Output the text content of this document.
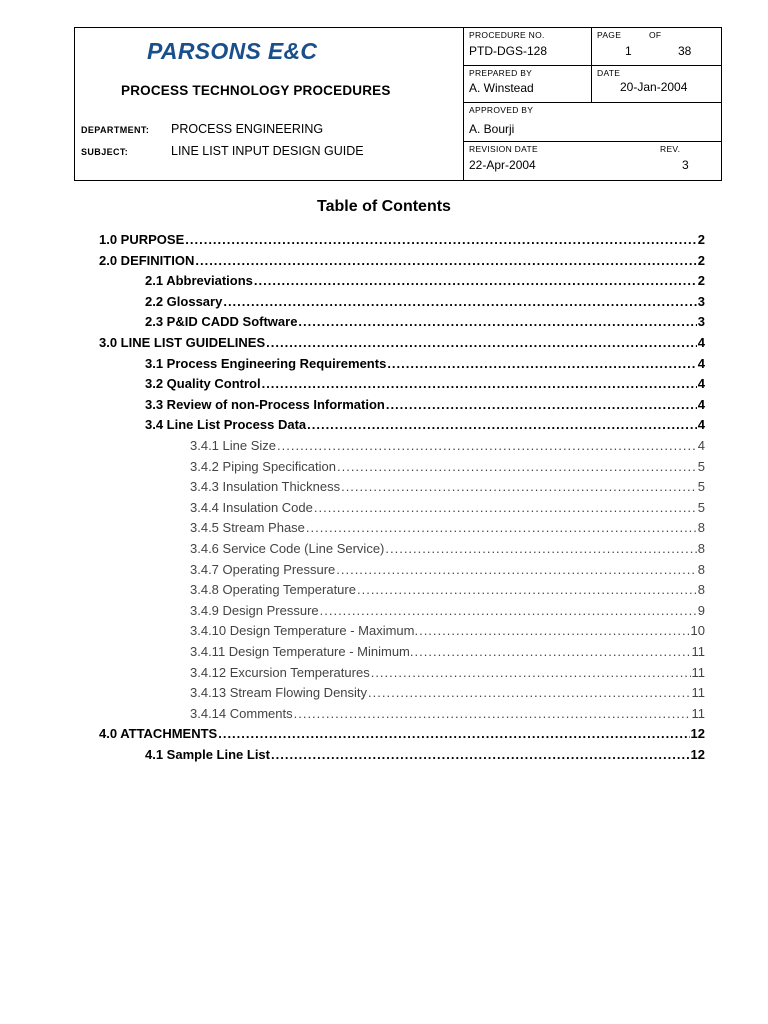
PARSONS E&C
PROCESS TECHNOLOGY PROCEDURES
DEPARTMENT: PROCESS ENGINEERING
SUBJECT:	LINE LIST INPUT DESIGN GUIDE
PROCEDURE NO.
PTD-DGS-128
PAGE	OF
1	38
PREPARED BY
A. Winstead
DATE
20-Jan-2004
APPROVED BY
A. Bourji
REVISION DATE
22-Apr-2004
REV.
3
Table of Contents
1.0 PURPOSE .....	2
2.0 DEFINITION .....	2
2.1 Abbreviations .....	2
2.2 Glossary .....	3
2.3 P&ID CADD Software .....	3
3.0 LINE LIST GUIDELINES .....	4
3.1 Process Engineering Requirements .....	4
3.2 Quality Control .....	4
3.3 Review of non-Process Information .....	4
3.4 Line List Process Data .....	4
3.4.1 Line Size .....	4
3.4.2 Piping Specification .....	5
3.4.3 Insulation Thickness .....	5
3.4.4 Insulation Code .....	5
3.4.5 Stream Phase .....	8
3.4.6 Service Code (Line Service) .....	8
3.4.7 Operating Pressure .....	8
3.4.8 Operating Temperature .....	8
3.4.9 Design Pressure .....	9
3.4.10 Design Temperature - Maximum. .....	10
3.4.11 Design Temperature - Minimum. .....	11
3.4.12 Excursion Temperatures .....	11
3.4.13 Stream Flowing Density .....	11
3.4.14 Comments .....	11
4.0 ATTACHMENTS .....	12
4.1 Sample Line List .....	12
